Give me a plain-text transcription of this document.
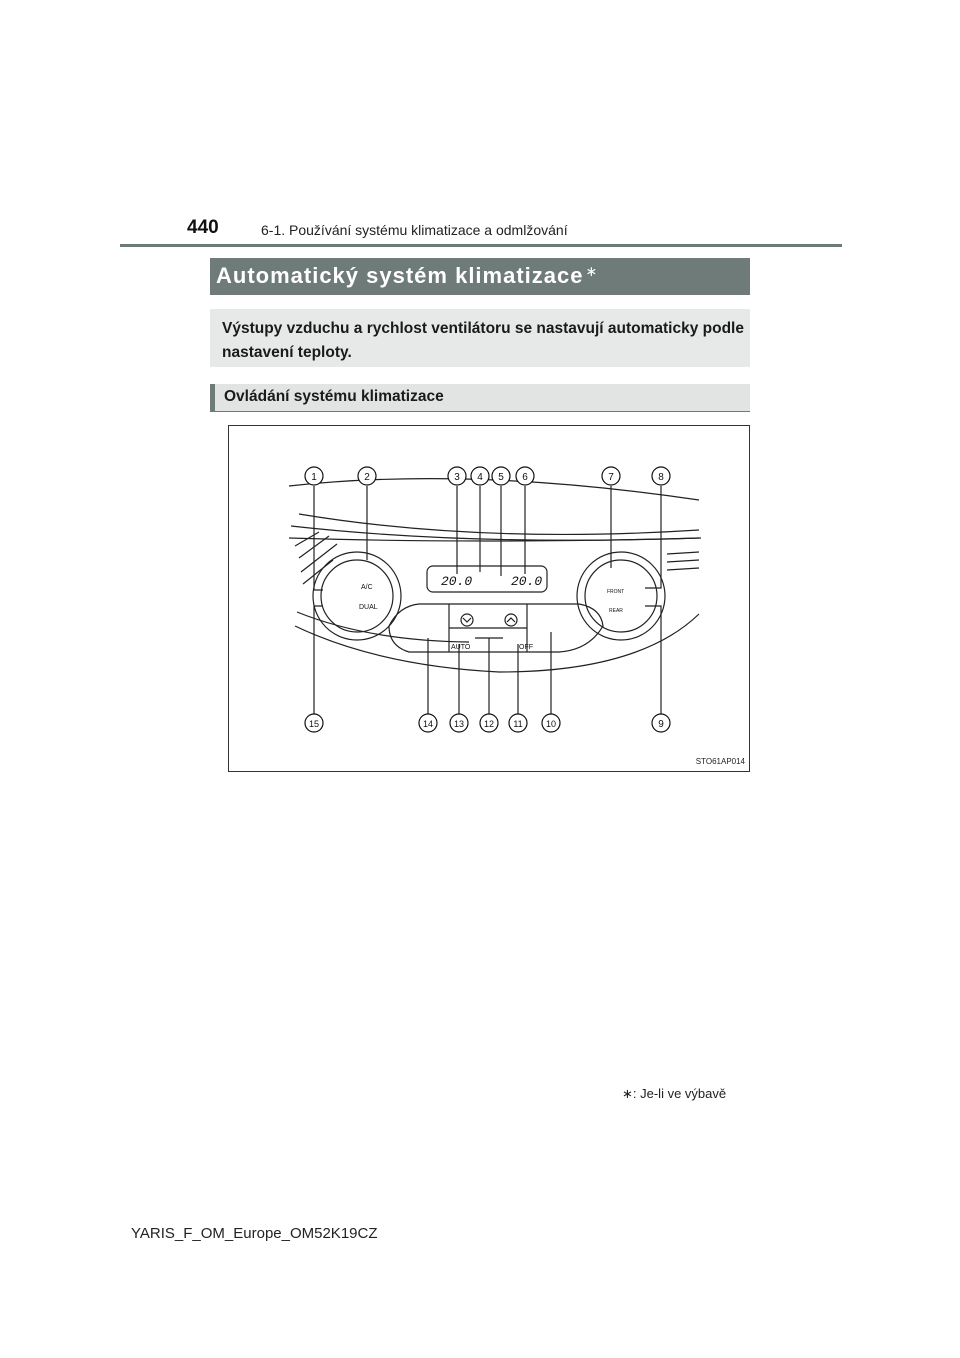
440	6-1. Používání systému klimatizace a odmlžování
Automatický systém klimatizace ∗

Výstupy vzduchu a rychlost ventilátoru se nastavují automaticky podle nastavení teploty.

Ovládání systému klimatizace
1	2	3 4 5 6	7	8
15	14 13 12 11	10	9
20.0	20.0
A/C
DUAL
AUTO	OFF
FRONT
REAR
STO61AP014
∗: Je-li ve výbavě
YARIS_F_OM_Europe_OM52K19CZ
